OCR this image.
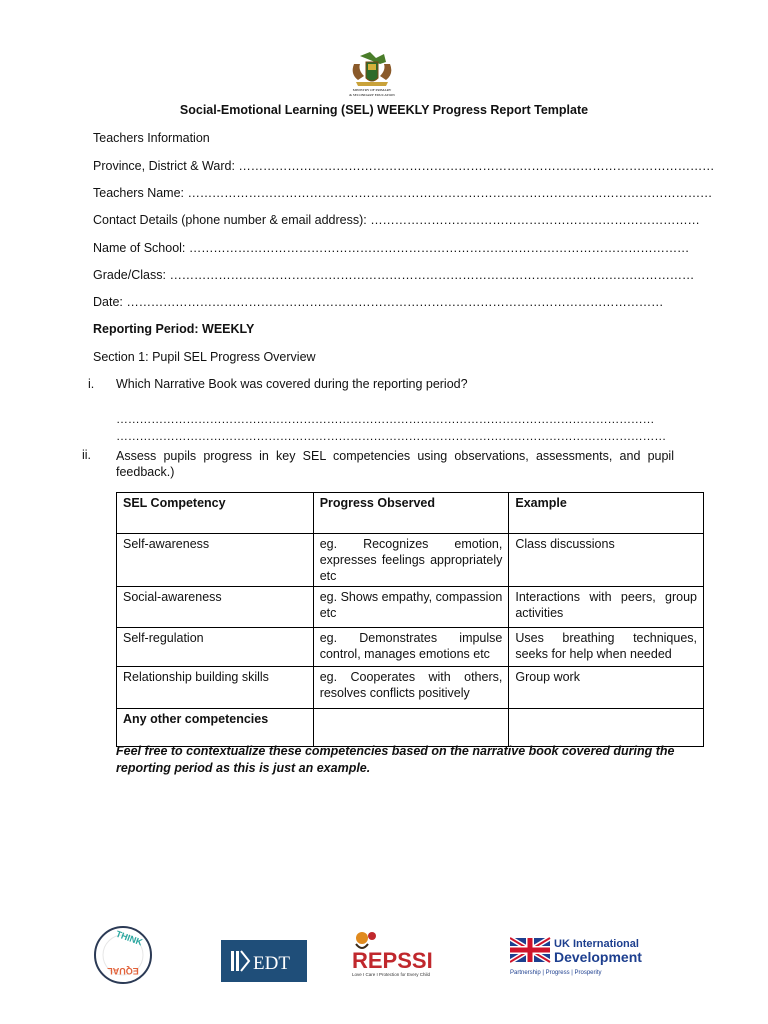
MINISTRY OF PRIMARY
& SECONDARY EDUCATION
Social-Emotional Learning (SEL) WEEKLY Progress Report Template
Teachers Information
Province, District & Ward: ………………………………………………………………………………………………………
Teachers Name: …………………………………………………………………………………………………………………
Contact Details (phone number & email address): ………………………………………………………………………
Name of School: ……………………………………………………………………………………………………………
Grade/Class: …………………………………………………………………………………………………………………
Date: ……………………………………………………………………………………………………………………
Reporting Period: WEEKLY
Section 1: Pupil SEL Progress Overview
i. Which Narrative Book was covered during the reporting period?
…………………………………………………………………………………………………………………………
……………………………………………………………………………………………………………………………
ii. Assess pupils progress in key SEL competencies using observations, assessments, and pupil feedback.)
SEL Competency	Progress Observed	Example
Self-awareness	eg. Recognizes emotion, expresses feelings appropriately etc	Class discussions
Social-awareness	eg. Shows empathy, compassion etc	Interactions with peers, group activities
Self-regulation	eg. Demonstrates impulse control, manages emotions etc	Uses breathing techniques, seeks for help when needed
Relationship building skills	eg. Cooperates with others, resolves conflicts positively	Group work
Any other competencies		
Feel free to contextualize these competencies based on the narrative book covered during the reporting period as this is just an example.
THINK
EQUAL	EDT	REPSSI
Love I Care I Protection for Every Child
UK International
Development
Partnership | Progress | Prosperity
